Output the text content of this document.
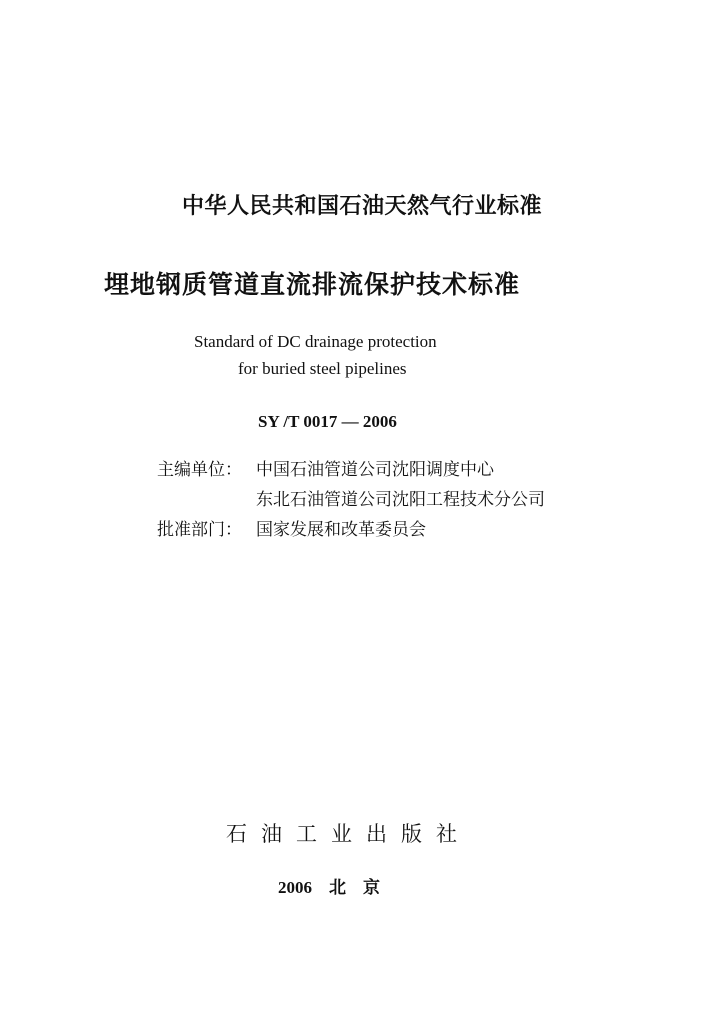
中华人民共和国石油天然气行业标准
埋地钢质管道直流排流保护技术标准
Standard of DC drainage protection
for buried steel pipelines
SY /T 0017 — 2006
主编单位： 中国石油管道公司沈阳调度中心
东北石油管道公司沈阳工程技术分公司
批准部门： 国家发展和改革委员会
石油工业出版社
2006　北　京
